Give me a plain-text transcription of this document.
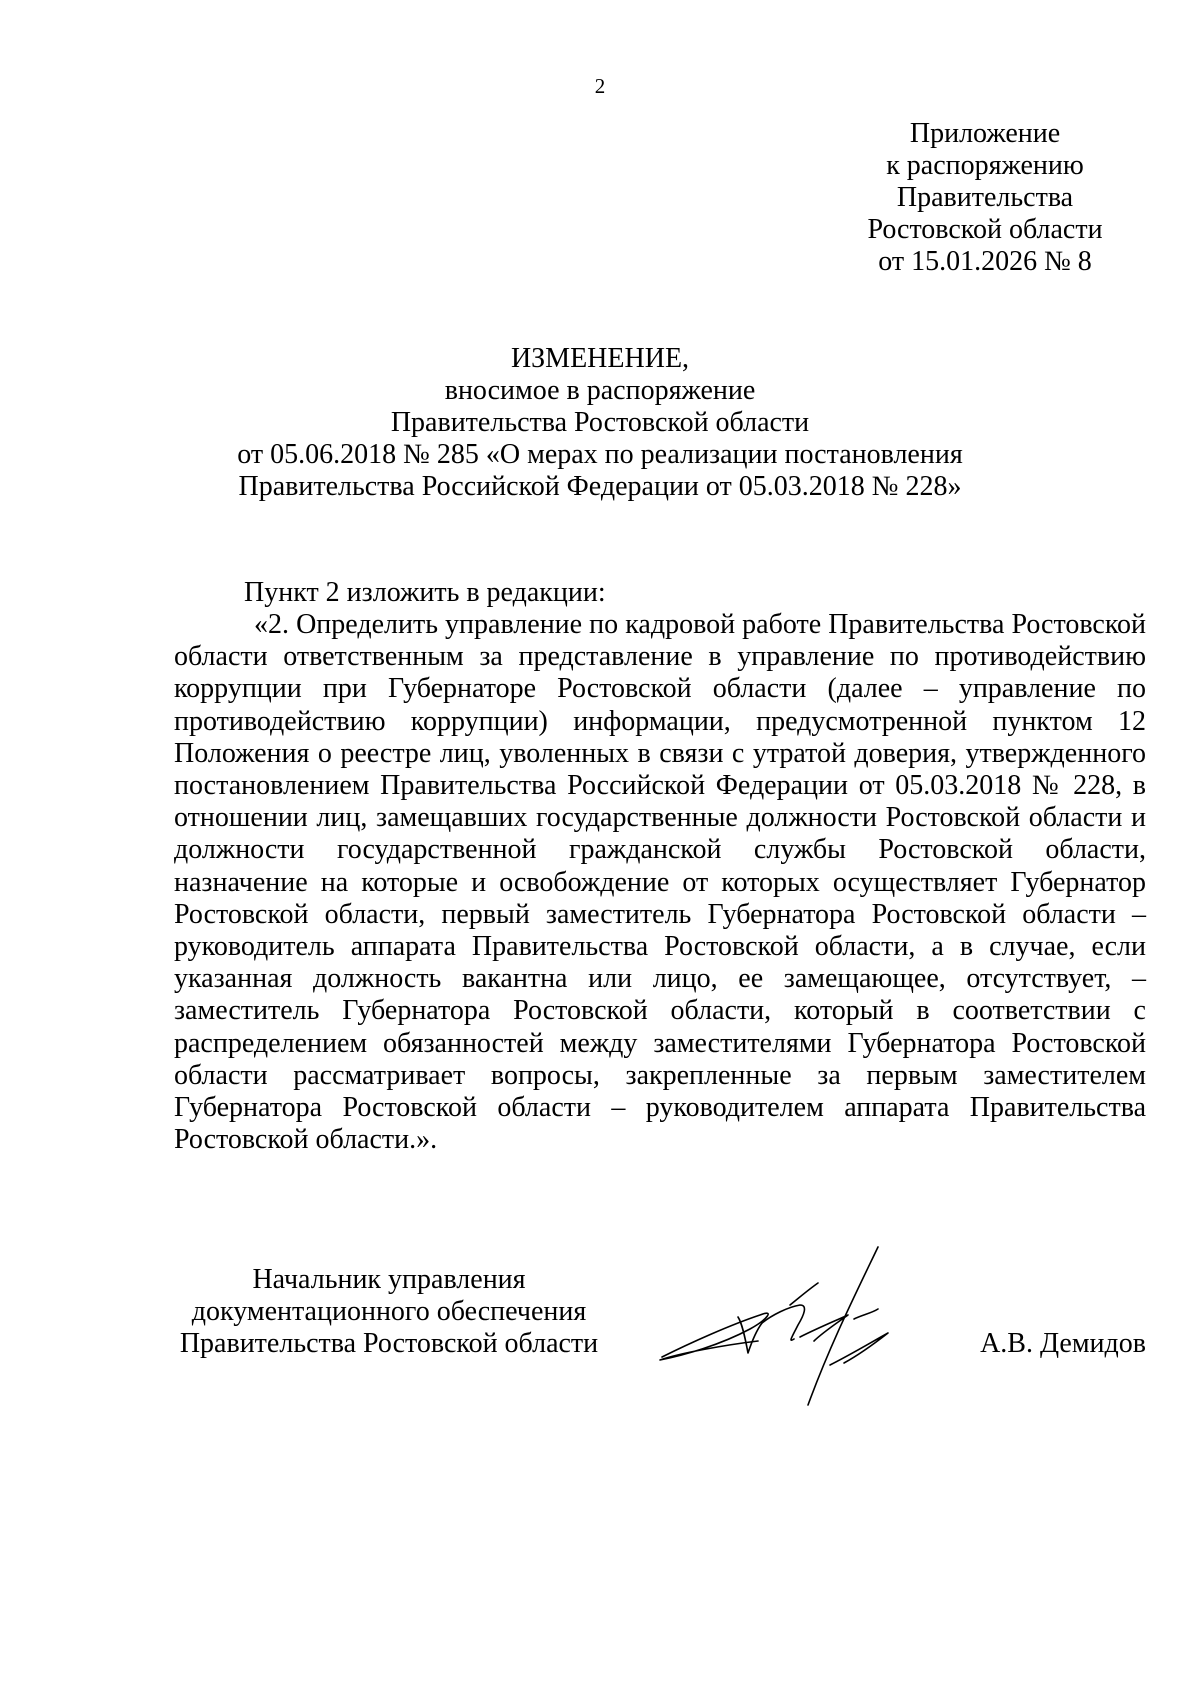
2
Приложение
к распоряжению
Правительства
Ростовской области
от 15.01.2026 № 8
ИЗМЕНЕНИЕ,
вносимое в распоряжение
Правительства Ростовской области
от 05.06.2018 № 285 «О мерах по реализации постановления
Правительства Российской Федерации от 05.03.2018 № 228»
Пункт 2 изложить в редакции:
«2. Определить управление по кадровой работе Правительства Ростовской области ответственным за представление в управление по противодействию коррупции при Губернаторе Ростовской области (далее – управление по противодействию коррупции) информации, предусмотренной пунктом 12 Положения о реестре лиц, уволенных в связи с утратой доверия, утвержденного постановлением Правительства Российской Федерации от 05.03.2018 № 228, в отношении лиц, замещавших государственные должности Ростовской области и должности государственной гражданской службы Ростовской области, назначение на которые и освобождение от которых осуществляет Губернатор Ростовской области, первый заместитель Губернатора Ростовской области – руководитель аппарата Правительства Ростовской области, а в случае, если указанная должность вакантна или лицо, ее замещающее, отсутствует, – заместитель Губернатора Ростовской области, который в соответствии с распределением обязанностей между заместителями Губернатора Ростовской области рассматривает вопросы, закрепленные за первым заместителем Губернатора Ростовской области – руководителем аппарата Правительства Ростовской области.».
Начальник управления
документационного обеспечения
Правительства Ростовской области	А.В. Демидов
